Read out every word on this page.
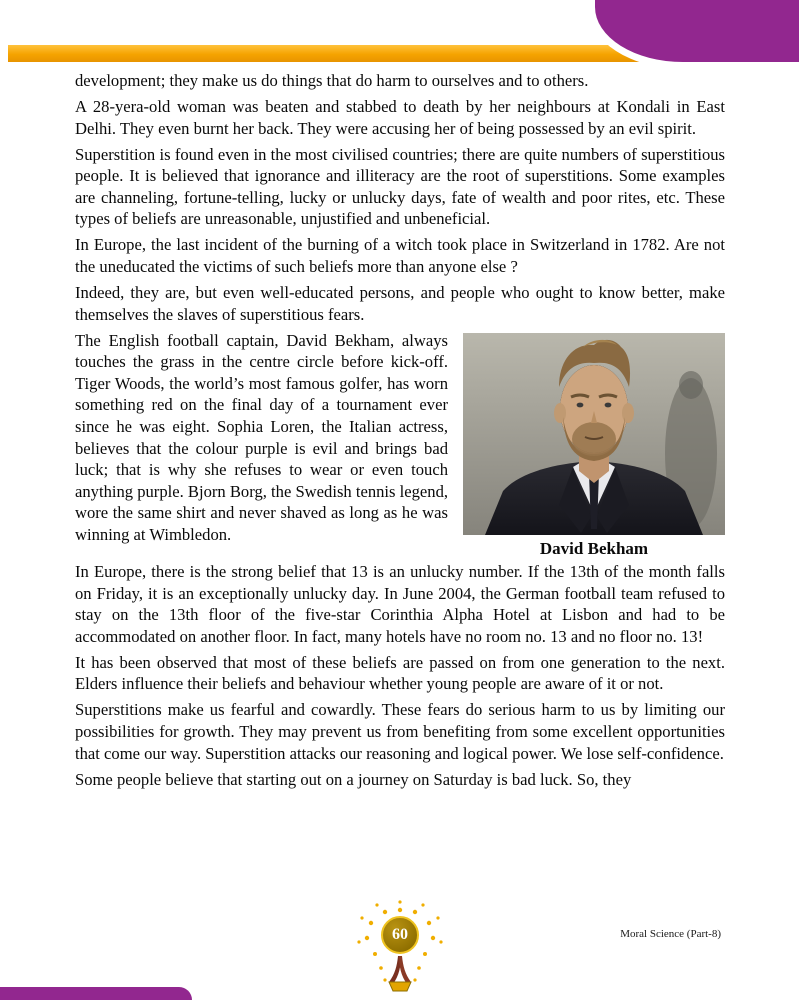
development; they make us do things that do harm to ourselves and to others.

A 28-yera-old woman was beaten and stabbed to death by her neighbours at Kondali in East Delhi. They even burnt her back. They were accusing her of being possessed by an evil spirit.

Superstition is found even in the most civilised countries; there are quite numbers of superstitious people. It is believed that ignorance and illiteracy are the root of superstitions. Some examples are channeling, fortune-telling, lucky or unlucky days, fate of wealth and poor rites, etc. These types of beliefs are unreasonable, unjustified and unbeneficial.

In Europe, the last incident of the burning of a witch took place in Switzerland in 1782. Are not the uneducated the victims of such beliefs more than anyone else ?

Indeed, they are, but even well-educated persons, and people who ought to know better, make themselves the slaves of superstitious fears.

David Bekham

The English football captain, David Bekham, always touches the grass in the centre circle before kick-off. Tiger Woods, the world’s most famous golfer, has worn something red on the final day of a tournament ever since he was eight. Sophia Loren, the Italian actress, believes that the colour purple is evil and brings bad luck; that is why she refuses to wear or even touch anything purple. Bjorn Borg, the Swedish tennis legend, wore the same shirt and never shaved as long as he was winning at Wimbledon.

In Europe, there is the strong belief that 13 is an unlucky number. If the 13th of the month falls on Friday, it is an exceptionally unlucky day. In June 2004, the German football team refused to stay on the 13th floor of the five-star Corinthia Alpha Hotel at Lisbon and had to be accommodated on another floor. In fact, many hotels have no room no. 13 and no floor no. 13!

It has been observed that most of these beliefs are passed on from one generation to the next. Elders influence their beliefs and behaviour whether young people are aware of it or not.

Superstitions make us fearful and cowardly. These fears do serious harm to us by limiting our possibilities for growth. They may prevent us from benefiting from some excellent opportunities that come our way. Superstition attacks our reasoning and logical power. We lose self-confidence.

Some people believe that starting out on a journey on Saturday is bad luck. So, they

60	Moral Science (Part-8)
